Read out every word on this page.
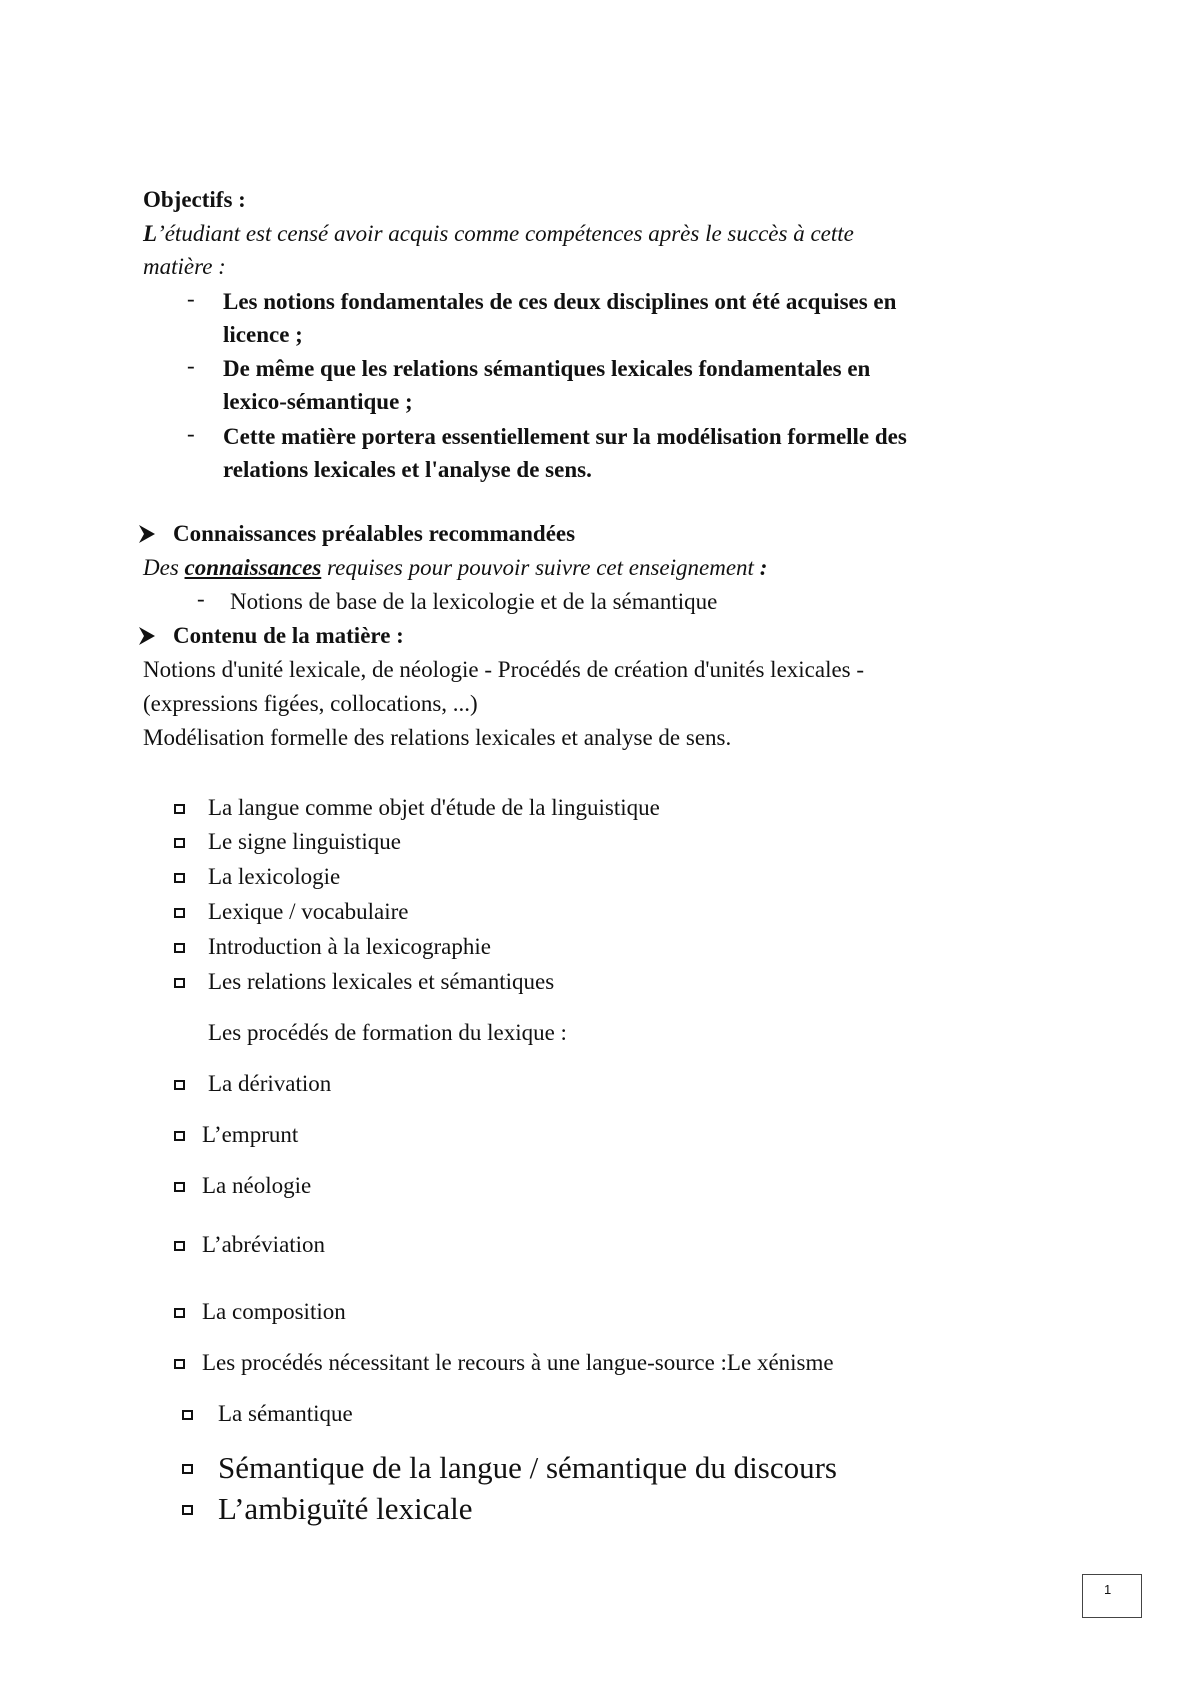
Objectifs :
L’étudiant est censé avoir acquis comme compétences après le succès à cette
matière :
- Les notions fondamentales de ces deux disciplines ont été acquises en
licence ;
- De même que les relations sémantiques lexicales fondamentales en
lexico-sémantique ;
- Cette matière portera essentiellement sur la modélisation formelle des
relations lexicales et l'analyse de sens.
Connaissances préalables recommandées
Des connaissances requises pour pouvoir suivre cet enseignement :
- Notions de base de la lexicologie et de la sémantique
Contenu de la matière :
Notions d'unité lexicale, de néologie - Procédés de création d'unités lexicales -
(expressions figées, collocations, ...)
Modélisation formelle des relations lexicales et analyse de sens.
La langue comme objet d'étude de la linguistique
Le signe linguistique
La lexicologie
Lexique / vocabulaire
Introduction à la lexicographie
Les relations lexicales et sémantiques
Les procédés de formation du lexique :
La dérivation
L’emprunt
La néologie
L’abréviation
La composition
Les procédés nécessitant le recours à une langue-source :Le xénisme
La sémantique
Sémantique de la langue / sémantique du discours
L’ambiguïté lexicale
1
